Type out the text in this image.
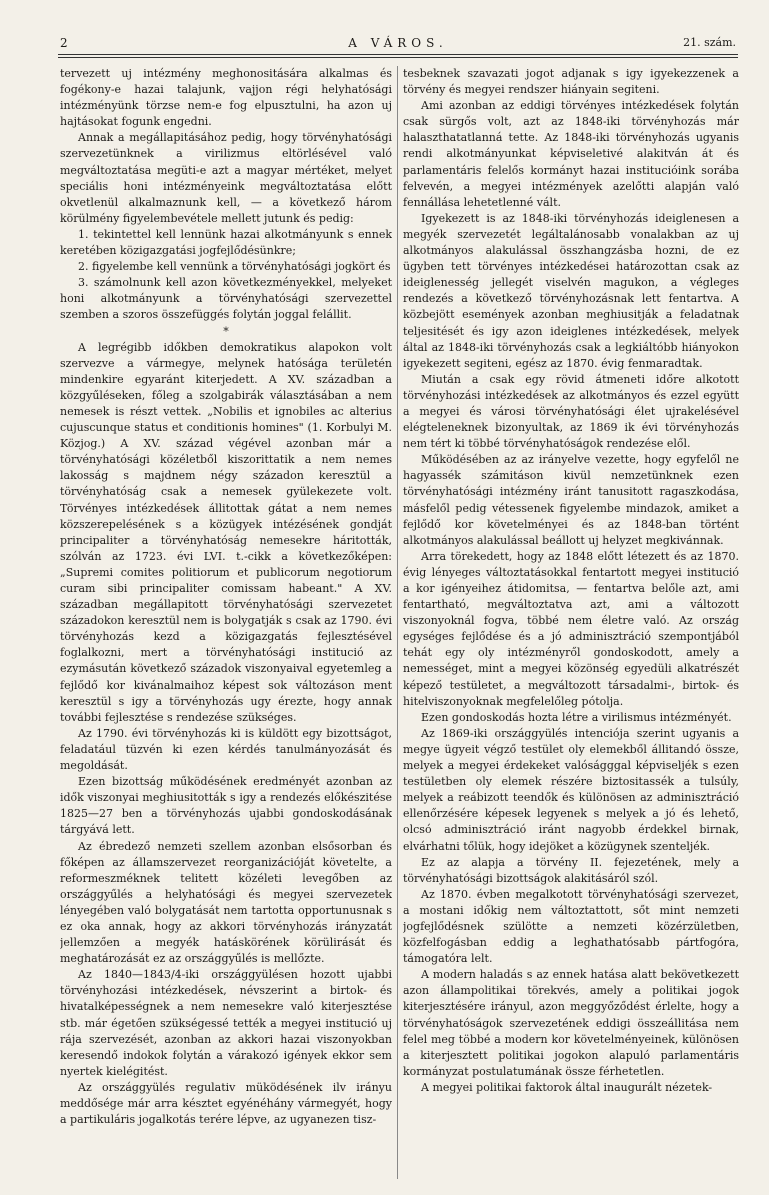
2	A VÁROS.	21. szám.

tervezett uj intézmény meghonositására alkalmas és fogékony-e hazai talajunk, vajjon régi helyhatósági intézményünk törzse nem-e fog elpusztulni, ha azon uj hajtásokat fogunk engedni.

Annak a megállapitásához pedig, hogy törvényhatósági szervezetünknek a virilizmus eltörlésével való megváltoztatása megüti-e azt a magyar mértéket, melyet speciális honi intézményeink megváltoztatása előtt okvetlenül alkalmaznunk kell, — a következő három körülmény figyelembevétele mellett jutunk és pedig:

1. tekintettel kell lennünk hazai alkotmányunk s ennek keretében közigazgatási jogfejlődésünkre;

2. figyelembe kell vennünk a törvényhatósági jogkört és

3. számolnunk kell azon következményekkel, melyeket honi alkotmányunk a törvényhatósági szervezettel szemben a szoros összefüggés folytán joggal felállit.

*

A legrégibb időkben demokratikus alapokon volt szervezve a vármegye, melynek hatósága területén mindenkire egyaránt kiterjedett. A XV. században a közgyűléseken, főleg a szolgabirák választásában a nem nemesek is részt vettek. „Nobilis et ignobiles ac alterius cujuscunque status et conditionis homines" (1. Korbulyi M. Közjog.) A XV. század végével azonban már a törvényhatósági közéletből kiszorittatik a nem nemes lakosság s majdnem négy századon keresztül a törvényhatóság csak a nemesek gyülekezete volt. Törvényes intézkedések állitottak gátat a nem nemes közszerepelésének s a közügyek intézésének gondját principaliter a törvényhatóság nemesekre háritották, szólván az 1723. évi LVI. t.-cikk a következőképen: „Supremi comites politiorum et publicorum negotiorum curam sibi principaliter comissam habeant." A XV. században megállapitott törvényhatósági szervezetet századokon keresztül nem is bolygatják s csak az 1790. évi törvényhozás kezd a közigazgatás fejlesztésével foglalkozni, mert a törvényhatósági institució az ezymásután következő századok viszonyaival egyetemleg a fejlődő kor kivánalmaihoz képest sok változáson ment keresztül s igy a törvényhozás ugy érezte, hogy annak további fejlesztése s rendezése szükséges.

Az 1790. évi törvényhozás ki is küldött egy bizottságot, feladatául tüzvén ki ezen kérdés tanulmányozását és megoldását.

Ezen bizottság működésének eredményét azonban az idők viszonyai meghiusitották s igy a rendezés előkészitése 1825—27 ben a törvényhozás ujabbi gondoskodásának tárgyává lett.

Az ébredező nemzeti szellem azonban elsősorban és főképen az államszervezet reorganizációját követelte, a reformeszméknek telitett közéleti levegőben az országgyűlés a helyhatósági és megyei szervezetek lényegében való bolygatását nem tartotta opportunusnak s ez oka annak, hogy az akkori törvényhozás irányzatát jellemzően a megyék hatáskörének körülirását és meghatározását ez az országgyűlés is mellőzte.

Az 1840—1843/4-iki országgyülésen hozott ujabbi törvényhozási intézkedések, névszerint a birtok- és hivatalképességnek a nem nemesekre való kiterjesztése stb. már égetően szükségessé tették a megyei institució uj rája szervezését, azonban az akkori hazai viszonyokban keresendő indokok folytán a várakozó igények ekkor sem nyertek kielégitést.

Az országgyülés regulativ müködésének ilv irányu meddősége már arra késztet egyénéhány vármegyét, hogy a partikuláris jogalkotás terére lépve, az ugyanezen tisz-

tesbeknek szavazati jogot adjanak s igy igyekezzenek a törvény és megyei rendszer hiányain segiteni.

Ami azonban az eddigi törvényes intézkedések folytán csak sürgős volt, azt az 1848-iki törvényhozás már halaszthatatlanná tette. Az 1848-iki törvényhozás ugyanis rendi alkotmányunkat képviseletivé alakitván át és parlamentáris felelős kormányt hazai institucióink sorába felvevén, a megyei intézmények azelőtti alapján való fennállása lehetetlenné vált.

Igyekezett is az 1848-iki törvényhozás ideiglenesen a megyék szervezetét legáltalánosabb vonalakban az uj alkotmányos alakulással összhangzásba hozni, de ez ügyben tett törvényes intézkedései határozottan csak az ideiglenesség jellegét viselvén magukon, a végleges rendezés a következő törvényhozásnak lett fentartva. A közbejött események azonban meghiusitják a feladatnak teljesitését és igy azon ideiglenes intézkedések, melyek által az 1848-iki törvényhozás csak a legkiáltóbb hiányokon igyekezett segiteni, egész az 1870. évig fenmaradtak.

Miután a csak egy rövid átmeneti időre alkotott törvényhozási intézkedések az alkotmányos és ezzel együtt a megyei és városi törvényhatósági élet ujrakelésével elégteleneknek bizonyultak, az 1869 ik évi törvényhozás nem tért ki többé törvényhatóságok rendezése elől.

Működésében az az irányelve vezette, hogy egyfelől ne hagyassék számitáson kivül nemzetünknek ezen törvényhatósági intézmény iránt tanusitott ragaszkodása, másfelől pedig vétessenek figyelembe mindazok, amiket a fejlődő kor követelményei és az 1848-ban történt alkotmányos alakulással beállott uj helyzet megkivánnak.

Arra törekedett, hogy az 1848 előtt létezett és az 1870. évig lényeges változtatásokkal fentartott megyei institució a kor igényeihez átidomitsa, — fentartva belőle azt, ami fentartható, megváltoztatva azt, ami a változott viszonyoknál fogva, többé nem életre való. Az ország egységes fejlődése és a jó adminisztráció szempontjából tehát egy oly intézményről gondoskodott, amely a nemességet, mint a megyei közönség egyedüli alkatrészét képező testületet, a megváltozott társadalmi-, birtok- és hitelviszonyoknak megfelelőleg pótolja.

Ezen gondoskodás hozta létre a virilismus intézményét.

Az 1869-iki országgyülés intenciója szerint ugyanis a megye ügyeit végző testület oly elemekből állitandó össze, melyek a megyei érdekeket valóságggal képviseljék s ezen testületben oly elemek részére biztositassék a tulsúly, melyek a reábizott teendők és különösen az adminisztráció ellenőrzésére képesek legyenek s melyek a jó és lehető, olcsó adminisztráció iránt nagyobb érdekkel birnak, elvárhatni tőlük, hogy idejöket a közügynek szenteljék.

Ez az alapja a törvény II. fejezetének, mely a törvényhatósági bizottságok alakitásáról szól.

Az 1870. évben megalkotott törvényhatósági szervezet, a mostani időkig nem változtattott, sőt mint nemzeti jogfejlődésnek szülötte a nemzeti közérzületben, közfelfogásban eddig a leghathatósabb pártfogóra, támogatóra lelt.

A modern haladás s az ennek hatása alatt bekövetkezett azon állampolitikai törekvés, amely a politikai jogok kiterjesztésére irányul, azon meggyőződést érlelte, hogy a törvényhatóságok szervezetének eddigi összeállitása nem felel meg többé a modern kor követelményeinek, különösen a kiterjesztett politikai jogokon alapuló parlamentáris kormányzat postulatumának össze férhetetlen.

A megyei politikai faktorok által inaugurált nézetek-
